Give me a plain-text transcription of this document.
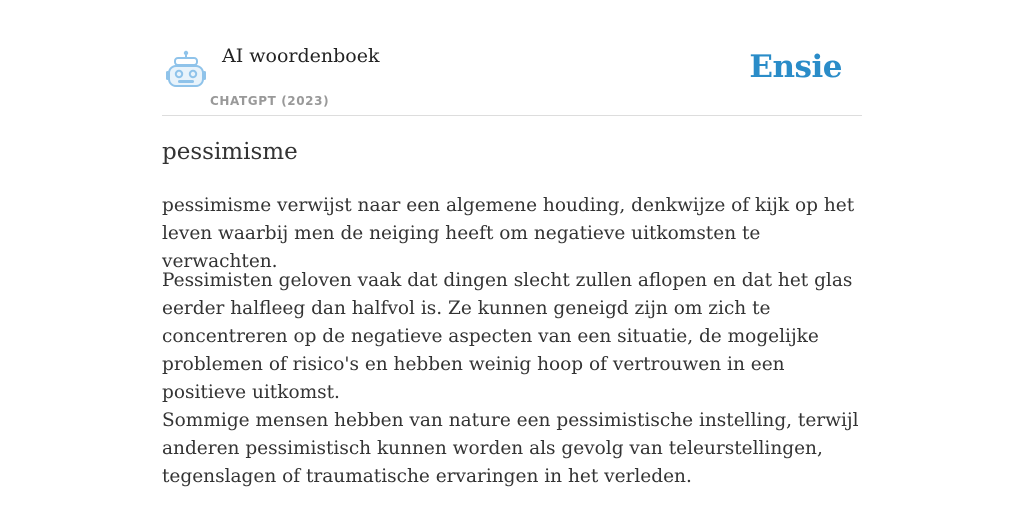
AI woordenboek
CHATGPT (2023)
Ensie
pessimisme

pessimisme verwijst naar een algemene houding, denkwijze of kijk op het leven waarbij men de neiging heeft om negatieve uitkomsten te verwachten.

Pessimisten geloven vaak dat dingen slecht zullen aflopen en dat het glas eerder halfleeg dan halfvol is. Ze kunnen geneigd zijn om zich te concentreren op de negatieve aspecten van een situatie, de mogelijke problemen of risico's en hebben weinig hoop of vertrouwen in een positieve uitkomst.

Sommige mensen hebben van nature een pessimistische instelling, terwijl anderen pessimistisch kunnen worden als gevolg van teleurstellingen, tegenslagen of traumatische ervaringen in het verleden.
